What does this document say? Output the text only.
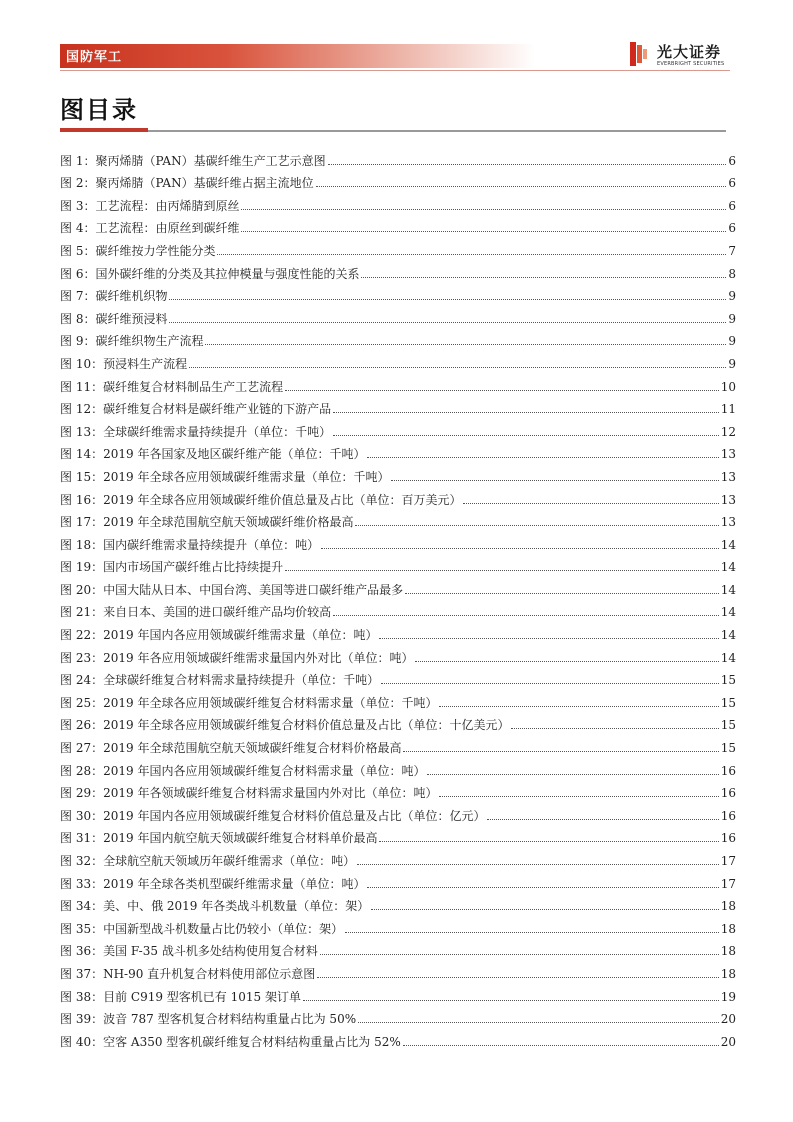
国防军工	光大证券
EVERBRIGHT SECURITIES
图目录
图 1：聚丙烯腈（PAN）基碳纤维生产工艺示意图	6
图 2：聚丙烯腈（PAN）基碳纤维占据主流地位	6
图 3：工艺流程：由丙烯腈到原丝	6
图 4：工艺流程：由原丝到碳纤维	6
图 5：碳纤维按力学性能分类	7
图 6：国外碳纤维的分类及其拉伸模量与强度性能的关系	8
图 7：碳纤维机织物	9
图 8：碳纤维预浸料	9
图 9：碳纤维织物生产流程	9
图 10：预浸料生产流程	9
图 11：碳纤维复合材料制品生产工艺流程	10
图 12：碳纤维复合材料是碳纤维产业链的下游产品	11
图 13：全球碳纤维需求量持续提升（单位：千吨）	12
图 14：2019 年各国家及地区碳纤维产能（单位：千吨）	13
图 15：2019 年全球各应用领域碳纤维需求量（单位：千吨）	13
图 16：2019 年全球各应用领域碳纤维价值总量及占比（单位：百万美元）	13
图 17：2019 年全球范围航空航天领域碳纤维价格最高	13
图 18：国内碳纤维需求量持续提升（单位：吨）	14
图 19：国内市场国产碳纤维占比持续提升	14
图 20：中国大陆从日本、中国台湾、美国等进口碳纤维产品最多	14
图 21：来自日本、美国的进口碳纤维产品均价较高	14
图 22：2019 年国内各应用领域碳纤维需求量（单位：吨）	14
图 23：2019 年各应用领域碳纤维需求量国内外对比（单位：吨）	14
图 24：全球碳纤维复合材料需求量持续提升（单位：千吨）	15
图 25：2019 年全球各应用领域碳纤维复合材料需求量（单位：千吨）	15
图 26：2019 年全球各应用领域碳纤维复合材料价值总量及占比（单位：十亿美元）	15
图 27：2019 年全球范围航空航天领域碳纤维复合材料价格最高	15
图 28：2019 年国内各应用领域碳纤维复合材料需求量（单位：吨）	16
图 29：2019 年各领域碳纤维复合材料需求量国内外对比（单位：吨）	16
图 30：2019 年国内各应用领域碳纤维复合材料价值总量及占比（单位：亿元）	16
图 31：2019 年国内航空航天领域碳纤维复合材料单价最高	16
图 32：全球航空航天领域历年碳纤维需求（单位：吨）	17
图 33：2019 年全球各类机型碳纤维需求量（单位：吨）	17
图 34：美、中、俄 2019 年各类战斗机数量（单位：架）	18
图 35：中国新型战斗机数量占比仍较小（单位：架）	18
图 36：美国 F-35 战斗机多处结构使用复合材料	18
图 37：NH-90 直升机复合材料使用部位示意图	18
图 38：目前 C919 型客机已有 1015 架订单	19
图 39：波音 787 型客机复合材料结构重量占比为 50%	20
图 40：空客 A350 型客机碳纤维复合材料结构重量占比为 52%	20
